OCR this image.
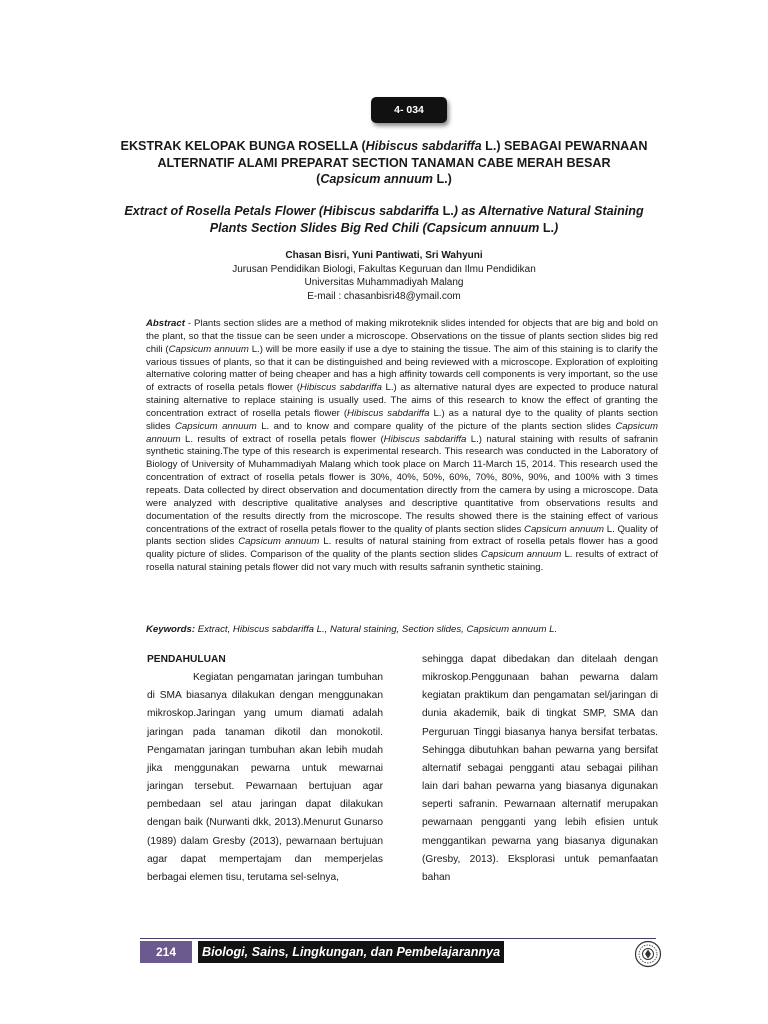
4- 034
EKSTRAK KELOPAK BUNGA ROSELLA (Hibiscus sabdariffa L.) SEBAGAI PEWARNAAN
ALTERNATIF ALAMI PREPARAT SECTION TANAMAN CABE MERAH BESAR
(Capsicum annuum L.)
Extract of Rosella Petals Flower (Hibiscus sabdariffa L.) as Alternative Natural Staining
Plants Section Slides Big Red Chili (Capsicum annuum L.)
Chasan Bisri, Yuni Pantiwati, Sri Wahyuni
Jurusan Pendidikan Biologi, Fakultas Keguruan dan Ilmu Pendidikan
Universitas Muhammadiyah Malang
E-mail : chasanbisri48@ymail.com

Abstract - Plants section slides are a method of making mikroteknik slides intended for objects that are big and bold on the plant, so that the tissue can be seen under a microscope. Observations on the tissue of plants section slides big red chili (Capsicum annuum L.) will be more easily if use a dye to staining the tissue. The aim of this staining is to clarify the various tissues of plants, so that it can be distinguished and being reviewed with a microscope. Exploration of exploiting alternative coloring matter of being cheaper and has a high affinity towards cell components is very important, so the use of extracts of rosella petals flower (Hibiscus sabdariffa L.) as alternative natural dyes are expected to produce natural staining alternative to replace staining is usually used. The aims of this research to know the effect of granting the concentration extract of rosella petals flower (Hibiscus sabdariffa L.) as a natural dye to the quality of plants section slides Capsicum annuum L. and to know and compare quality of the picture of the plants section slides Capsicum annuum L. results of extract of rosella petals flower (Hibiscus sabdariffa L.) natural staining with results of safranin synthetic staining.The type of this research is experimental research. This research was conducted in the Laboratory of Biology of University of Muhammadiyah Malang which took place on March 11-March 15, 2014. This research used the concentration of extract of rosella petals flower is 30%, 40%, 50%, 60%, 70%, 80%, 90%, and 100% with 3 times repeats. Data collected by direct observation and documentation directly from the camera by using a microscope. Data were analyzed with descriptive qualitative analyses and descriptive quantitative from observations results and documentation of the results directly from the microscope. The results showed there is the staining effect of various concentrations of the extract of rosella petals flower to the quality of plants section slides Capsicum annuum L. Quality of plants section slides Capsicum annuum L. results of natural staining from extract of rosella petals flower has a good quality picture of slides. Comparison of the quality of the plants section slides Capsicum annuum L. results of extract of rosella natural staining petals flower did not vary much with results safranin synthetic staining.

Keywords: Extract, Hibiscus sabdariffa L., Natural staining, Section slides, Capsicum annuum L.

PENDAHULUAN

Kegiatan pengamatan jaringan tumbuhan di SMA biasanya dilakukan dengan menggunakan mikroskop.Jaringan yang umum diamati adalah jaringan pada tanaman dikotil dan monokotil. Pengamatan jaringan tumbuhan akan lebih mudah jika menggunakan pewarna untuk mewarnai jaringan tersebut. Pewarnaan bertujuan agar pembedaan sel atau jaringan dapat dilakukan dengan baik (Nurwanti dkk, 2013).Menurut Gunarso (1989) dalam Gresby (2013), pewarnaan bertujuan agar dapat mempertajam dan memperjelas berbagai elemen tisu, terutama sel-selnya,

sehingga dapat dibedakan dan ditelaah dengan mikroskop.Penggunaan bahan pewarna dalam kegiatan praktikum dan pengamatan sel/jaringan di dunia akademik, baik di tingkat SMP, SMA dan Perguruan Tinggi biasanya hanya bersifat terbatas. Sehingga dibutuhkan bahan pewarna yang bersifat alternatif sebagai pengganti atau sebagai pilihan lain dari bahan pewarna yang biasanya digunakan seperti safranin. Pewarnaan alternatif merupakan pewarnaan pengganti yang lebih efisien untuk menggantikan pewarna yang biasanya digunakan (Gresby, 2013). Eksplorasi untuk pemanfaatan bahan

214	Biologi, Sains, Lingkungan, dan Pembelajarannya
